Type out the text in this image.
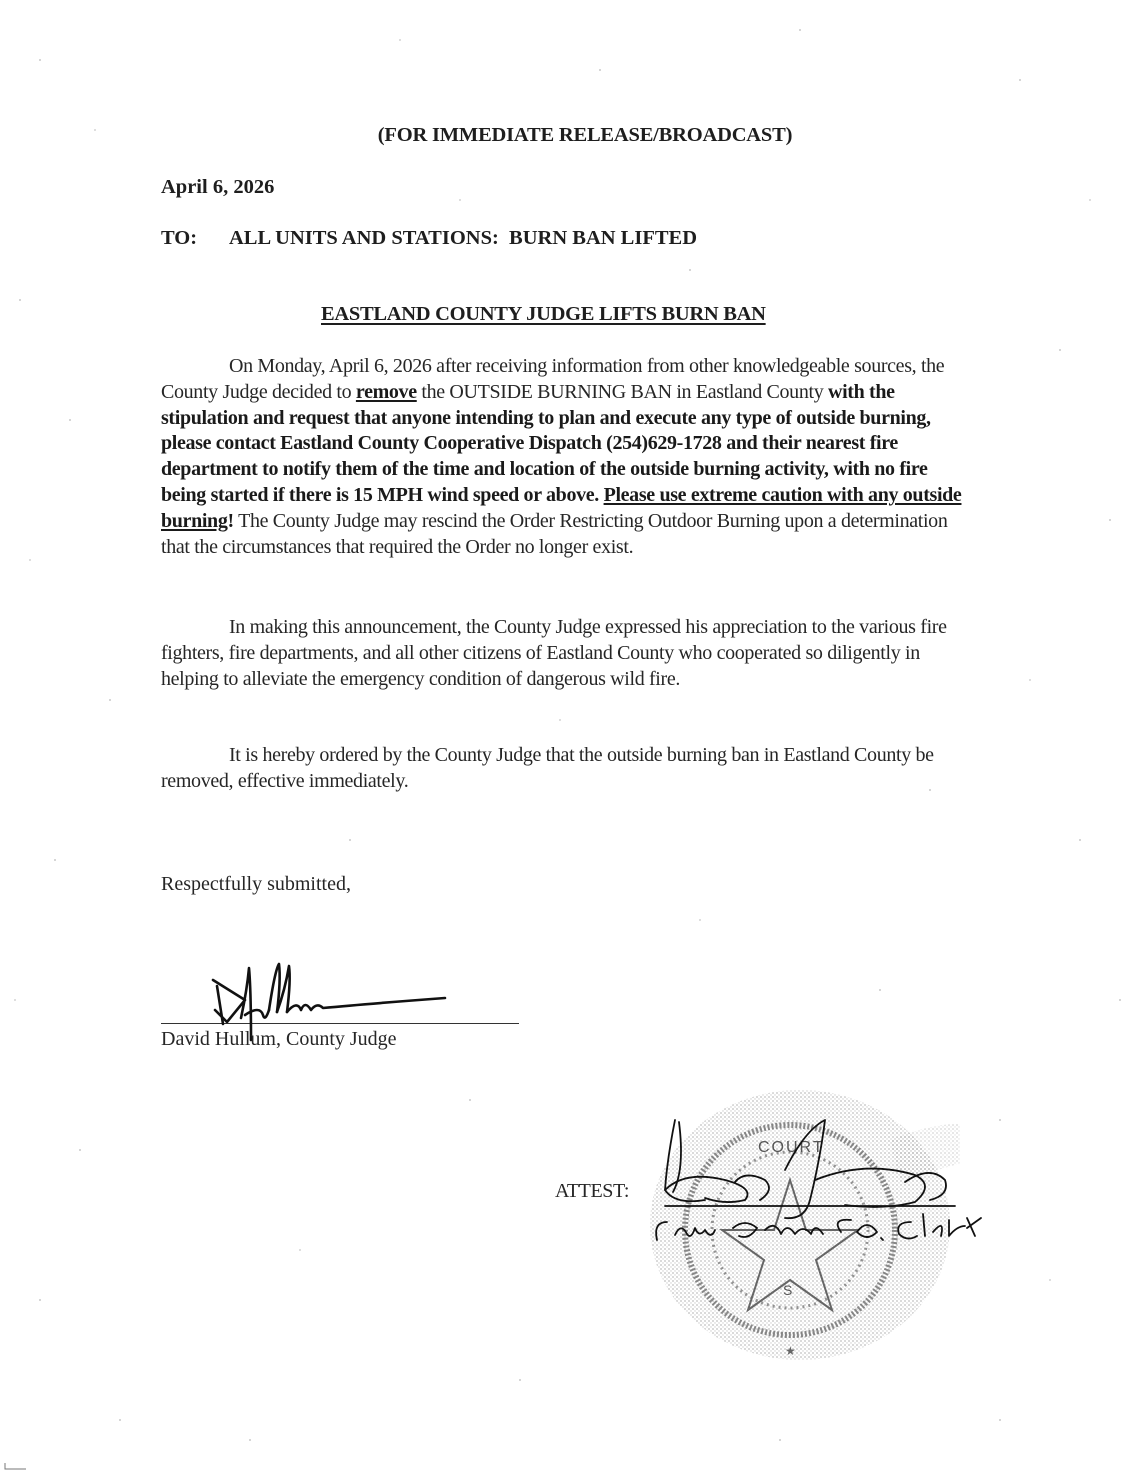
(FOR IMMEDIATE RELEASE/BROADCAST)
April 6, 2026
TO: ALL UNITS AND STATIONS:  BURN BAN LIFTED
EASTLAND COUNTY JUDGE LIFTS BURN BAN
On Monday, April 6, 2026 after receiving information from other knowledgeable sources, the County Judge decided to remove the OUTSIDE BURNING BAN in Eastland County with the stipulation and request that anyone intending to plan and execute any type of outside burning, please contact Eastland County Cooperative Dispatch (254)629-1728 and their nearest fire department to notify them of the time and location of the outside burning activity, with no fire being started if there is 15 MPH wind speed or above. Please use extreme caution with any outside burning! The County Judge may rescind the Order Restricting Outdoor Burning upon a determination that the circumstances that required the Order no longer exist.
In making this announcement, the County Judge expressed his appreciation to the various fire fighters, fire departments, and all other citizens of Eastland County who cooperated so diligently in helping to alleviate the emergency condition of dangerous wild fire.
It is hereby ordered by the County Judge that the outside burning ban in Eastland County be removed, effective immediately.
Respectfully submitted,
David Hullum, County Judge
COURT
S
★
ATTEST:
